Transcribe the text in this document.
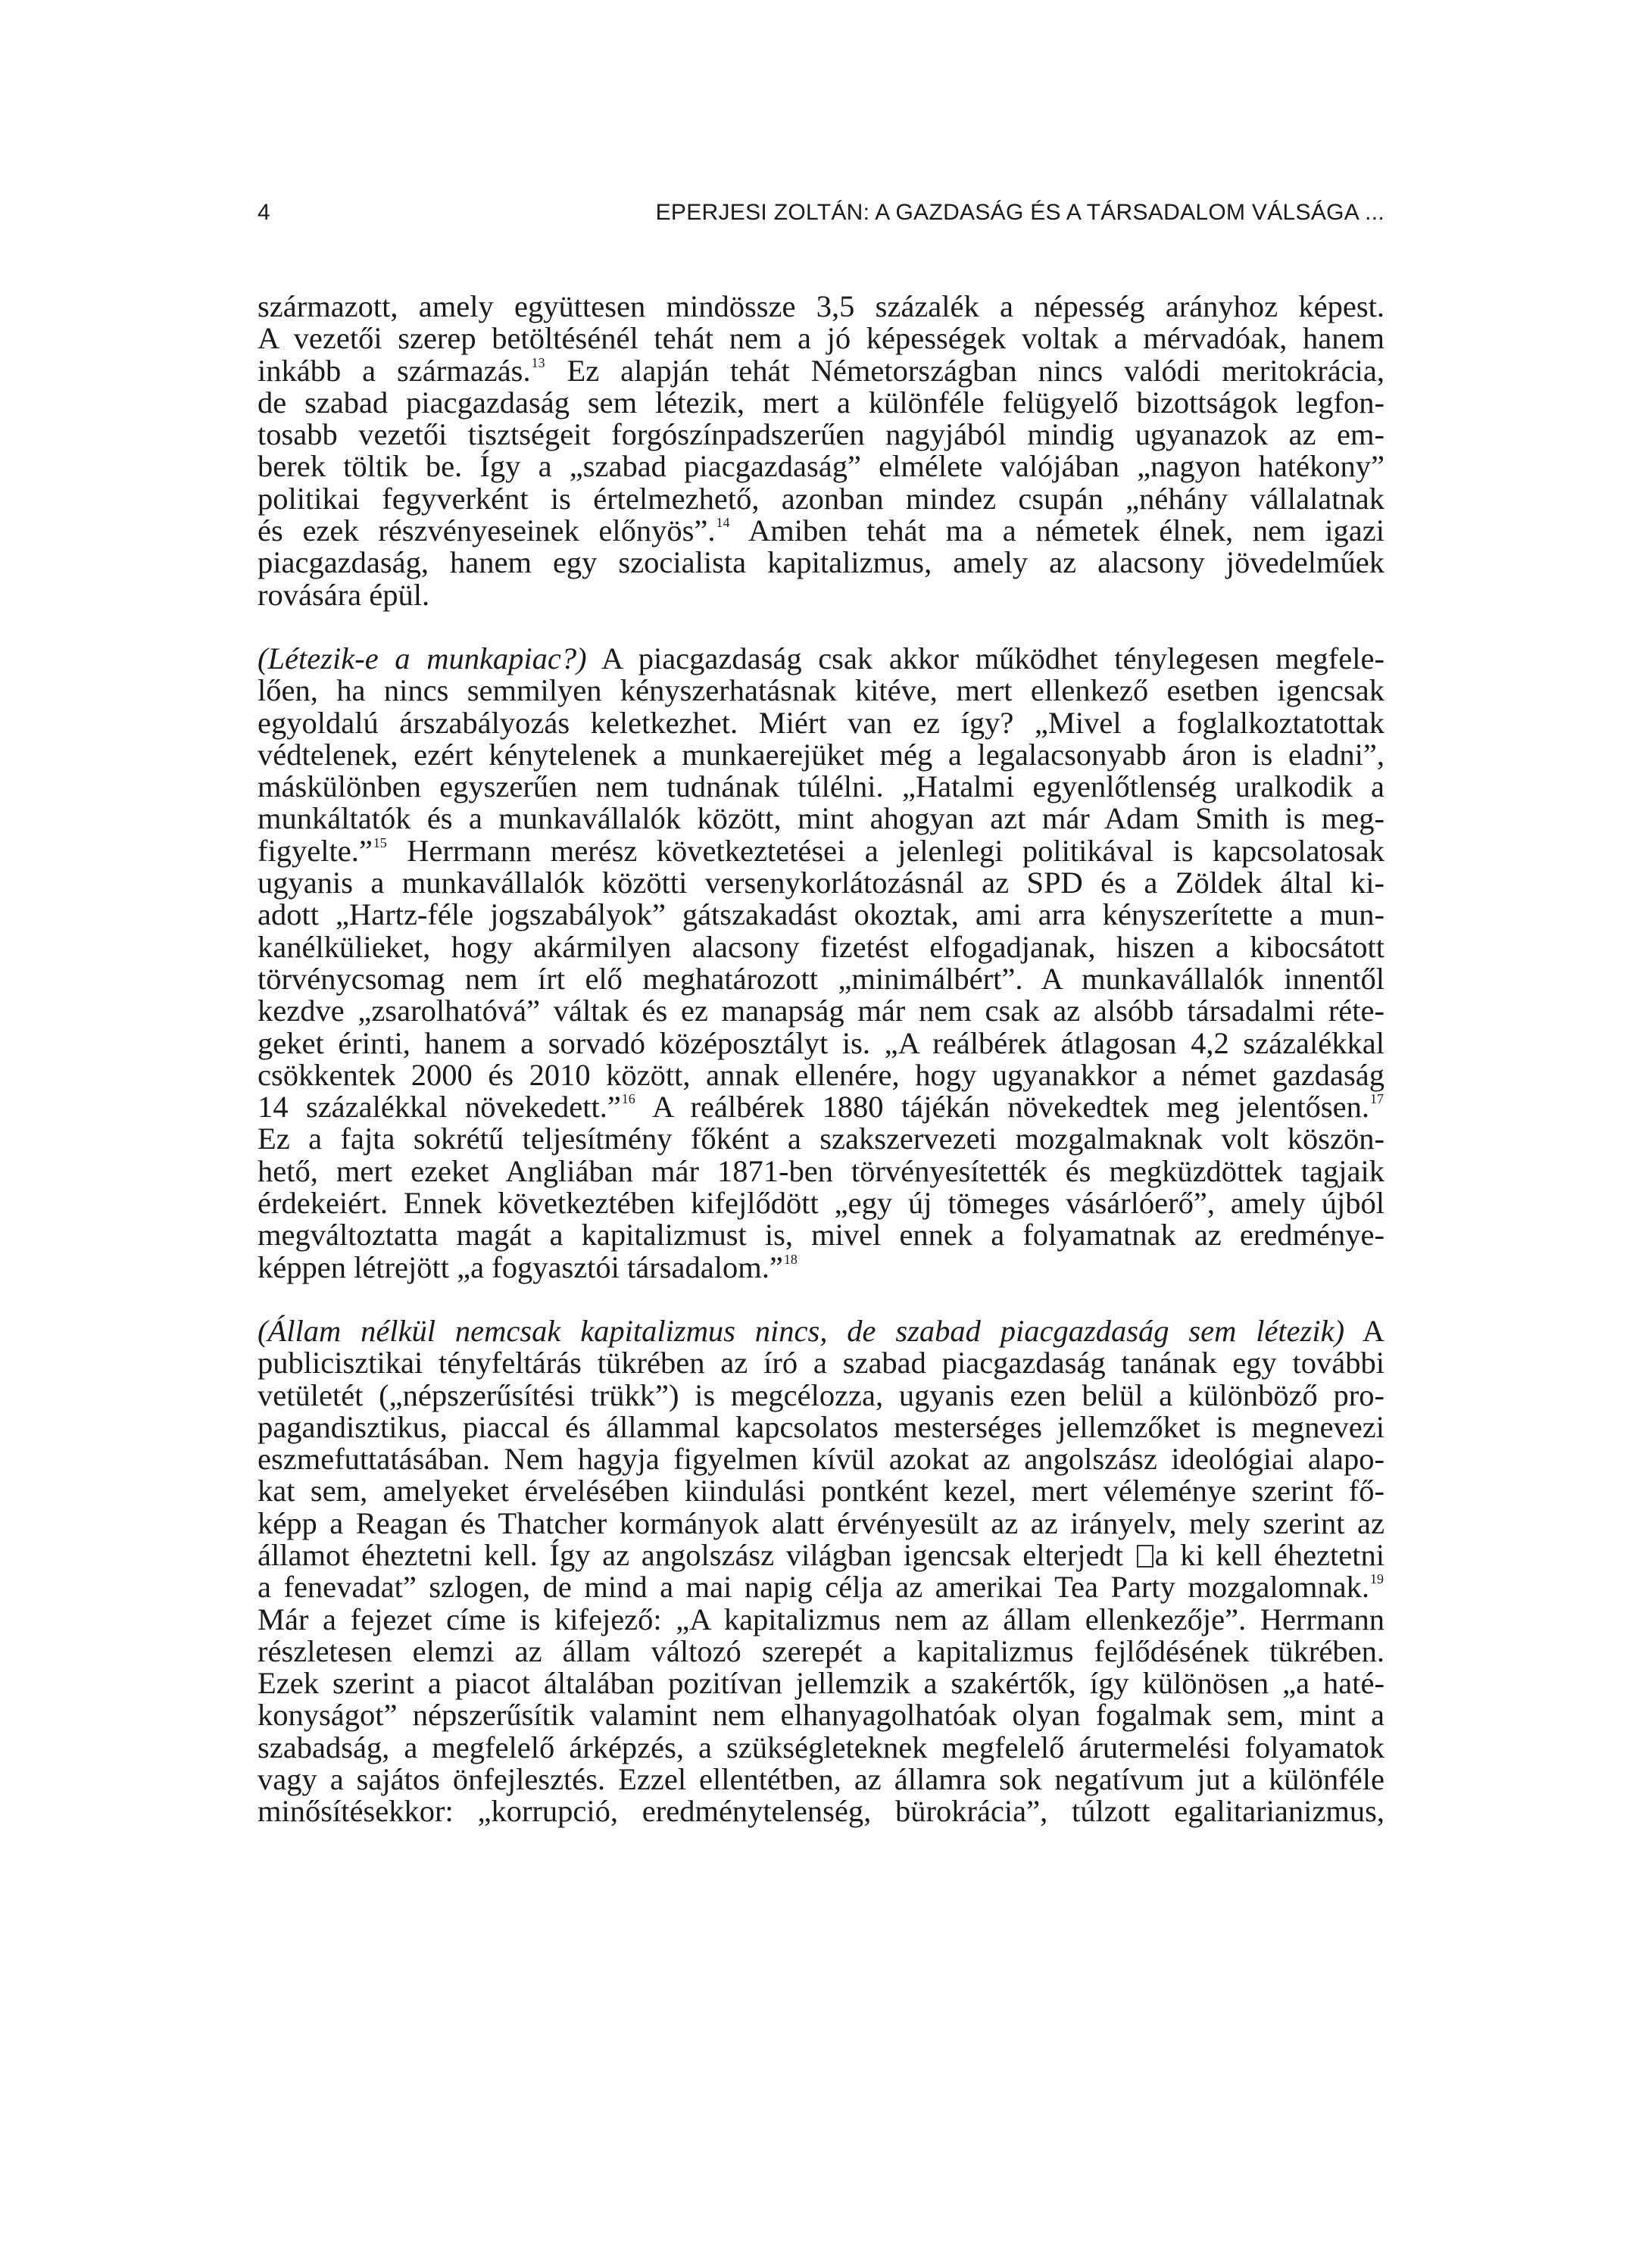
4	EPERJESI ZOLTÁN: A GAZDASÁG ÉS A TÁRSADALOM VÁLSÁGA ...
származott, amely együttesen mindössze 3,5 százalék a népesség arányhoz képest.
A vezetői szerep betöltésénél tehát nem a jó képességek voltak a mérvadóak, hanem
inkább a származás.$^{13}$ Ez alapján tehát Németországban nincs valódi meritokrácia,
de szabad piacgazdaság sem létezik, mert a különféle felügyelő bizottságok legfon-
tosabb vezetői tisztségeit forgószínpadszerűen nagyjából mindig ugyanazok az em-
berek töltik be. Így a „szabad piacgazdaság” elmélete valójában „nagyon hatékony”
politikai fegyverként is értelmezhető, azonban mindez csupán „néhány vállalatnak
és ezek részvényeseinek előnyös”.$^{14}$ Amiben tehát ma a németek élnek, nem igazi
piacgazdaság, hanem egy szocialista kapitalizmus, amely az alacsony jövedelműek
rovására épül.
(Létezik-e a munkapiac?) A piacgazdaság csak akkor működhet ténylegesen megfele-
lően, ha nincs semmilyen kényszerhatásnak kitéve, mert ellenkező esetben igencsak
egyoldalú árszabályozás keletkezhet. Miért van ez így? „Mivel a foglalkoztatottak
védtelenek, ezért kénytelenek a munkaerejüket még a legalacsonyabb áron is eladni”,
máskülönben egyszerűen nem tudnának túlélni. „Hatalmi egyenlőtlenség uralkodik a
munkáltatók és a munkavállalók között, mint ahogyan azt már Adam Smith is meg-
figyelte.”$^{15}$ Herrmann merész következtetései a jelenlegi politikával is kapcsolatosak
ugyanis a munkavállalók közötti versenykorlátozásnál az SPD és a Zöldek által ki-
adott „Hartz-féle jogszabályok” gátszakadást okoztak, ami arra kényszerítette a mun-
kanélkülieket, hogy akármilyen alacsony fizetést elfogadjanak, hiszen a kibocsátott
törvénycsomag nem írt elő meghatározott „minimálbért”. A munkavállalók innentől
kezdve „zsarolhatóvá” váltak és ez manapság már nem csak az alsóbb társadalmi réte-
geket érinti, hanem a sorvadó középosztályt is. „A reálbérek átlagosan 4,2 százalékkal
csökkentek 2000 és 2010 között, annak ellenére, hogy ugyanakkor a német gazdaság
14 százalékkal növekedett.”$^{16}$ A reálbérek 1880 tájékán növekedtek meg jelentősen.$^{17}$
Ez a fajta sokrétű teljesítmény főként a szakszervezeti mozgalmaknak volt köszön-
hető, mert ezeket Angliában már 1871-ben törvényesítették és megküzdöttek tagjaik
érdekeiért. Ennek következtében kifejlődött „egy új tömeges vásárlóerő”, amely újból
megváltoztatta magát a kapitalizmust is, mivel ennek a folyamatnak az eredménye-
képpen létrejött „a fogyasztói társadalom.”$^{18}$
(Állam nélkül nemcsak kapitalizmus nincs, de szabad piacgazdaság sem létezik) A
publicisztikai tényfeltárás tükrében az író a szabad piacgazdaság tanának egy további
vetületét („népszerűsítési trükk”) is megcélozza, ugyanis ezen belül a különböző pro-
pagandisztikus, piaccal és állammal kapcsolatos mesterséges jellemzőket is megnevezi
eszmefuttatásában. Nem hagyja figyelmen kívül azokat az angolszász ideológiai alapo-
kat sem, amelyeket érvelésében kiindulási pontként kezel, mert véleménye szerint fő-
képp a Reagan és Thatcher kormányok alatt érvényesült az az irányelv, mely szerint az
államot éheztetni kell. Így az angolszász világban igencsak elterjedt a ki kell éheztetni
a fenevadat” szlogen, de mind a mai napig célja az amerikai Tea Party mozgalomnak.$^{19}$
Már a fejezet címe is kifejező: „A kapitalizmus nem az állam ellenkezője”. Herrmann
részletesen elemzi az állam változó szerepét a kapitalizmus fejlődésének tükrében.
Ezek szerint a piacot általában pozitívan jellemzik a szakértők, így különösen „a haté-
konyságot” népszerűsítik valamint nem elhanyagolhatóak olyan fogalmak sem, mint a
szabadság, a megfelelő árképzés, a szükségleteknek megfelelő árutermelési folyamatok
vagy a sajátos önfejlesztés. Ezzel ellentétben, az államra sok negatívum jut a különféle
minősítésekkor: „korrupció, eredménytelenség, bürokrácia”, túlzott egalitarianizmus,
